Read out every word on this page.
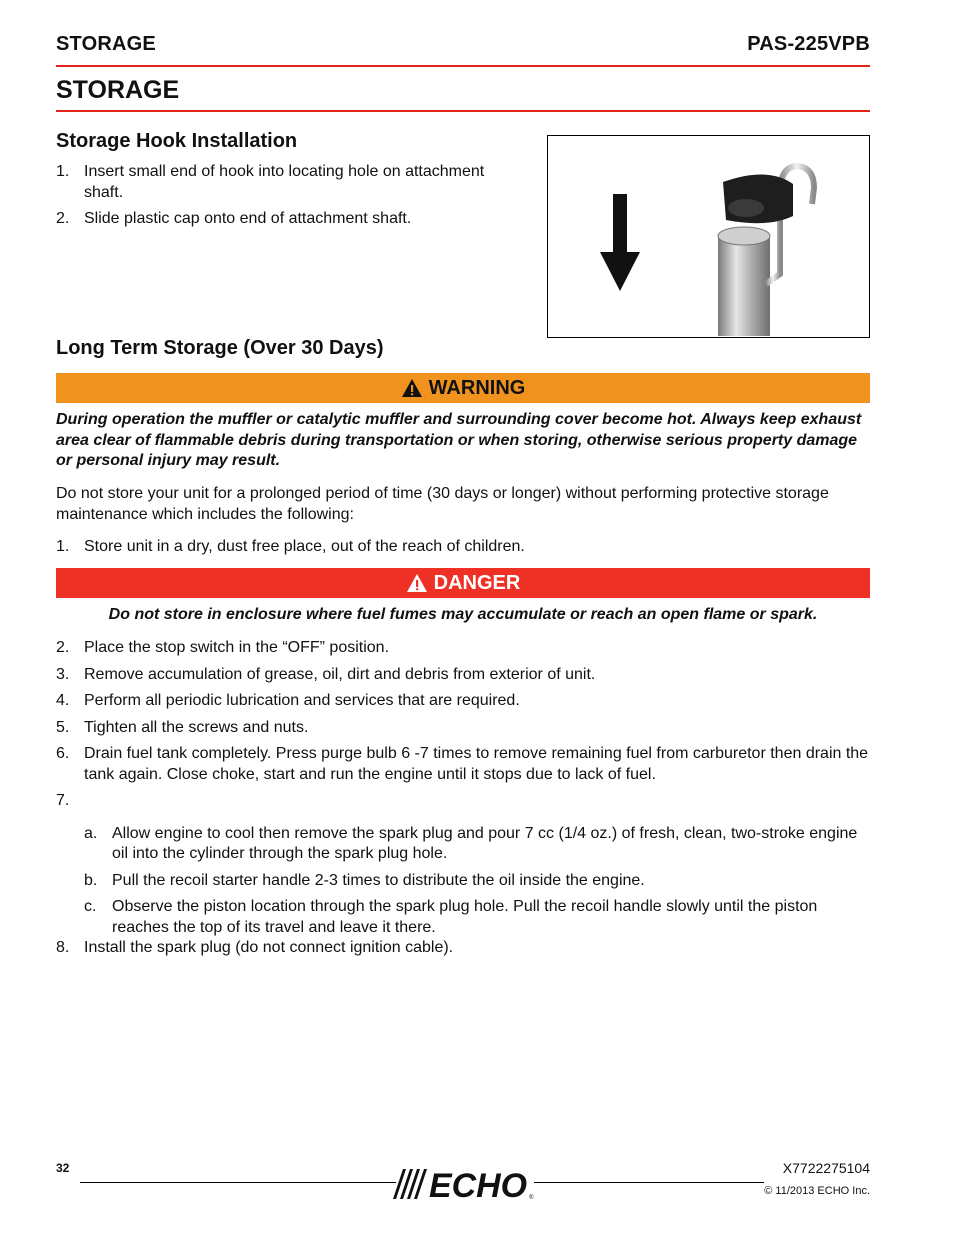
STORAGE	PAS-225VPB
STORAGE
Storage Hook Installation
1. Insert small end of hook into locating hole on attachment shaft.
2. Slide plastic cap onto end of attachment shaft.
Long Term Storage (Over 30 Days)
WARNING

During operation the muffler or catalytic muffler and surrounding cover become hot. Always keep exhaust area clear of flammable debris during transportation or when storing, otherwise serious property damage or personal injury may result.

Do not store your unit for a prolonged period of time (30 days or longer) without performing protective storage maintenance which includes the following:

1. Store unit in a dry, dust free place, out of the reach of children.
DANGER

Do not store in enclosure where fuel fumes may accumulate or reach an open flame or spark.

2. Place the stop switch in the “OFF” position.
3. Remove accumulation of grease, oil, dirt and debris from exterior of unit.
4. Perform all periodic lubrication and services that are required.
5. Tighten all the screws and nuts.
6. Drain fuel tank completely. Press purge bulb 6 -7 times to remove remaining fuel from carburetor then drain the tank again. Close choke, start and run the engine until it stops due to lack of fuel.
7.

a. Allow engine to cool then remove the spark plug and pour 7 cc (1/4 oz.) of fresh, clean, two-stroke engine oil into the cylinder through the spark plug hole.
b. Pull the recoil starter handle 2-3 times to distribute the oil inside the engine.
c. Observe the piston location through the spark plug hole. Pull the recoil handle slowly until the piston reaches the top of its travel and leave it there.
8. Install the spark plug (do not connect ignition cable).
32	ECHO ®
X7722275104
© 11/2013 ECHO Inc.
